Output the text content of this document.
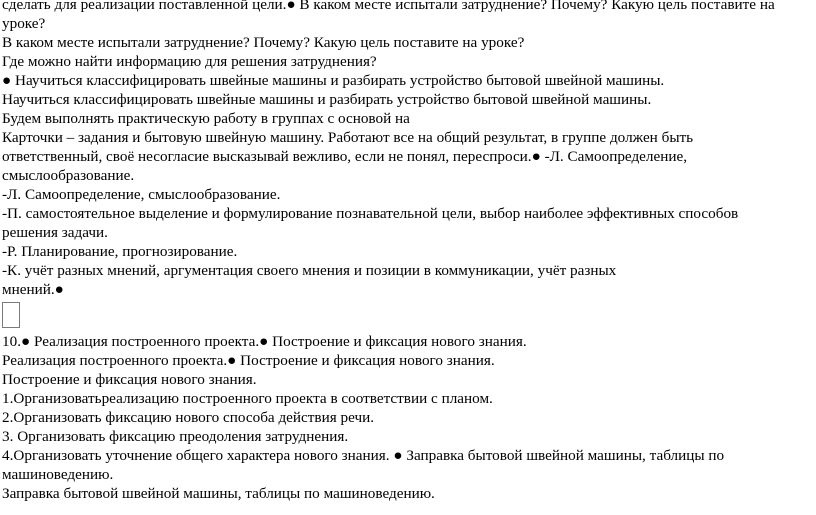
сделать для реализации поставленной цели.● В каком месте испытали затруднение? Почему? Какую цель поставите на
уроке?
В каком месте испытали затруднение? Почему? Какую цель поставите на уроке?
Где можно найти информацию для решения затруднения?
● Научиться классифицировать швейные машины и разбирать устройство бытовой швейной машины.
Научиться классифицировать швейные машины и разбирать устройство бытовой швейной машины.
Будем выполнять практическую работу в группах с основой на
Карточки – задания и бытовую швейную машину. Работают все на общий результат, в группе должен быть
ответственный, своё несогласие высказывай вежливо, если не понял, переспроси.● -Л. Самоопределение,
смыслообразование.
-Л. Самоопределение, смыслообразование.
-П. самостоятельное выделение и формулирование познавательной цели, выбор наиболее эффективных способов
решения задачи.
-Р. Планирование, прогнозирование.
-К. учёт разных мнений, аргументация своего мнения и позиции в коммуникации, учёт разных
мнений.●
10.● Реализация построенного проекта.● Построение и фиксация нового знания.
Реализация построенного проекта.● Построение и фиксация нового знания.
Построение и фиксация нового знания.
1.Организоватьреализацию построенного проекта в соответствии с планом.
2.Организовать фиксацию нового способа действия речи.
3. Организовать фиксацию преодоления затруднения.
4.Организовать уточнение общего характера нового знания. ● Заправка бытовой швейной машины, таблицы по
машиноведению.
Заправка бытовой швейной машины, таблицы по машиноведению.
